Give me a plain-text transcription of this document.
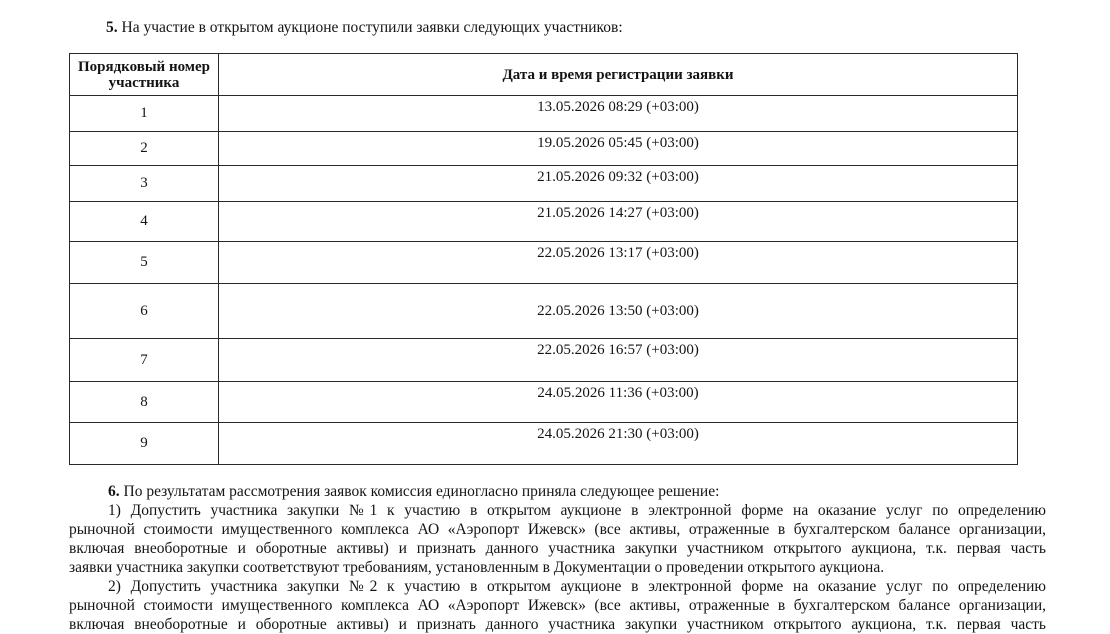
5. На участие в открытом аукционе поступили заявки следующих участников:
Порядковый номер участника	Дата и время регистрации заявки
1	13.05.2026 08:29 (+03:00)
2	19.05.2026 05:45 (+03:00)
3	21.05.2026 09:32 (+03:00)
4	21.05.2026 14:27 (+03:00)
5	22.05.2026 13:17 (+03:00)
6	22.05.2026 13:50 (+03:00)
7	22.05.2026 16:57 (+03:00)
8	24.05.2026 11:36 (+03:00)
9	24.05.2026 21:30 (+03:00)

6. По результатам рассмотрения заявок комиссия единогласно приняла следующее решение:

1) Допустить участника закупки №1 к участию в открытом аукционе в электронной форме на оказание услуг по определению

рыночной стоимости имущественного комплекса АО «Аэропорт Ижевск» (все активы, отраженные в бухгалтерском балансе организации,

включая внеоборотные и оборотные активы) и признать данного участника закупки участником открытого аукциона, т.к. первая часть

заявки участника закупки соответствуют требованиям, установленным в Документации о проведении открытого аукциона.

2) Допустить участника закупки №2 к участию в открытом аукционе в электронной форме на оказание услуг по определению

рыночной стоимости имущественного комплекса АО «Аэропорт Ижевск» (все активы, отраженные в бухгалтерском балансе организации,

включая внеоборотные и оборотные активы) и признать данного участника закупки участником открытого аукциона, т.к. первая часть
